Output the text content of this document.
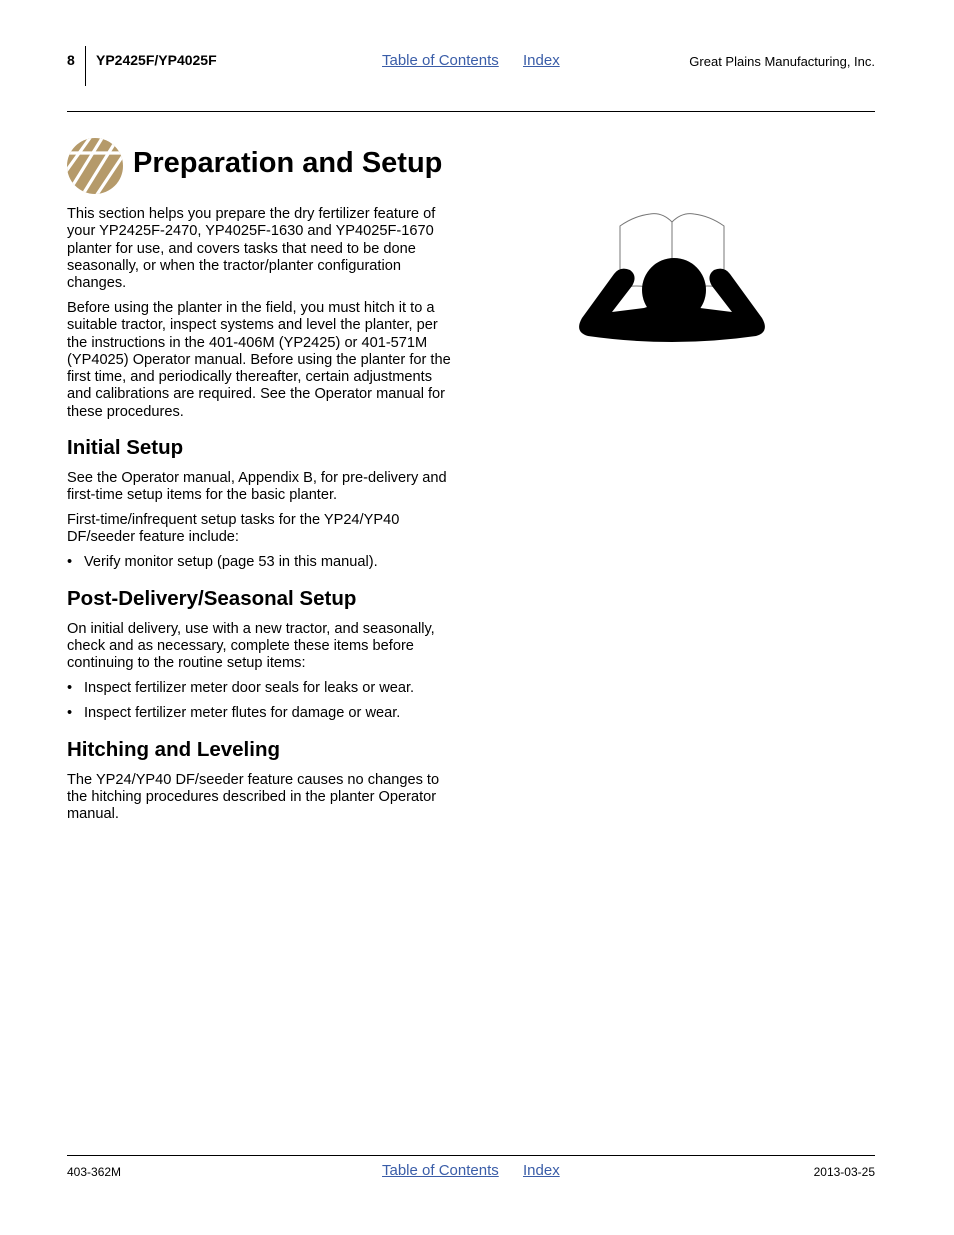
8 YP2425F/YP4025F	Table of Contents Index	Great Plains Manufacturing, Inc.
Preparation and Setup

This section helps you prepare the dry fertilizer feature of your YP2425F-2470, YP4025F-1630 and YP4025F-1670 planter for use, and covers tasks that need to be done seasonally, or when the tractor/planter configuration changes.

Before using the planter in the field, you must hitch it to a suitable tractor, inspect systems and level the planter, per the instructions in the 401-406M (YP2425) or 401-571M (YP4025) Operator manual. Before using the planter for the first time, and periodically thereafter, certain adjustments and calibrations are required. See the Operator manual for these procedures.

Initial Setup

See the Operator manual, Appendix B, for pre-delivery and first-time setup items for the basic planter.

First-time/infrequent setup tasks for the YP24/YP40 DF/seeder feature include:

• Verify monitor setup (page 53 in this manual).
Post-Delivery/Seasonal Setup

On initial delivery, use with a new tractor, and seasonally, check and as necessary, complete these items before continuing to the routine setup items:

• Inspect fertilizer meter door seals for leaks or wear.
• Inspect fertilizer meter flutes for damage or wear.
Hitching and Leveling

The YP24/YP40 DF/seeder feature causes no changes to the hitching procedures described in the planter Operator manual.

403-362M	Table of Contents Index	2013-03-25
